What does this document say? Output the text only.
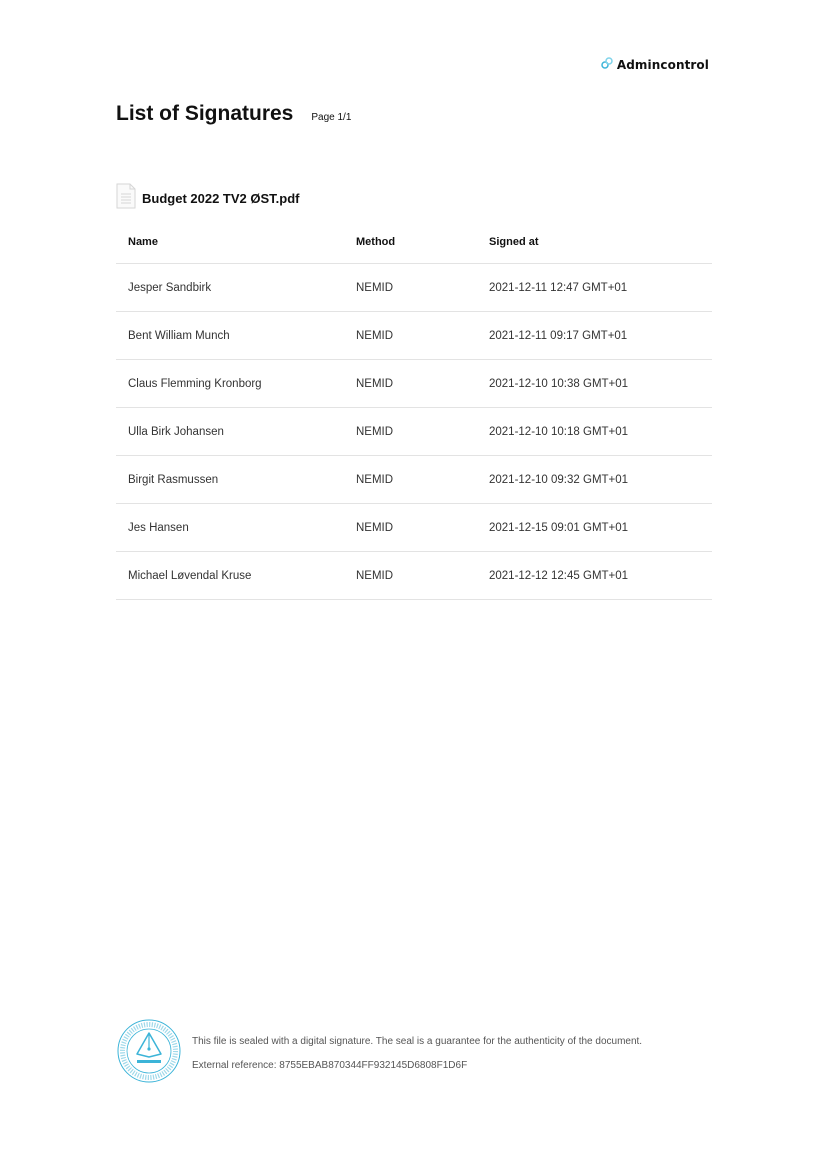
Admincontrol
List of Signatures Page 1/1
Budget 2022 TV2 ØST.pdf
Name	Method	Signed at
Jesper Sandbirk	NEMID	2021-12-11 12:47 GMT+01
Bent William Munch	NEMID	2021-12-11 09:17 GMT+01
Claus Flemming Kronborg	NEMID	2021-12-10 10:38 GMT+01
Ulla Birk Johansen	NEMID	2021-12-10 10:18 GMT+01
Birgit Rasmussen	NEMID	2021-12-10 09:32 GMT+01
Jes Hansen	NEMID	2021-12-15 09:01 GMT+01
Michael Løvendal Kruse	NEMID	2021-12-12 12:45 GMT+01
This file is sealed with a digital signature. The seal is a guarantee for the authenticity of the document.
External reference: 8755EBAB870344FF932145D6808F1D6F
